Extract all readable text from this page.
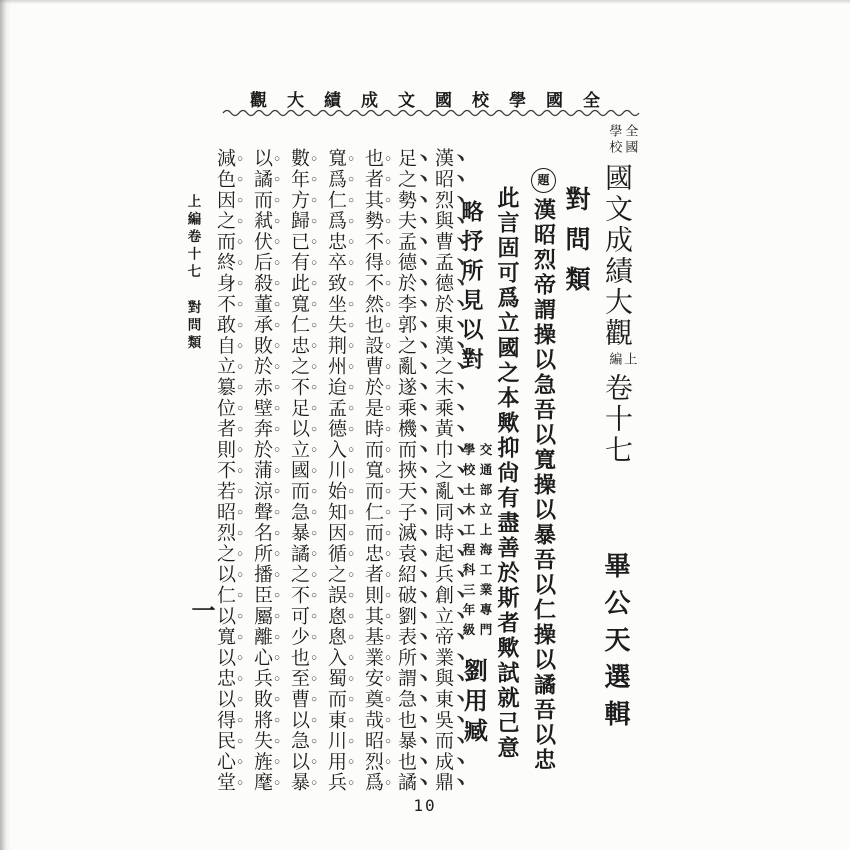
觀大績成文國校學國全
全國學校國文成績大觀上編卷十七
畢公天選輯
對問類
題漢昭烈帝謂操以急吾以寬操以暴吾以仁操以譎吾以忠
此言固可爲立國之本歟抑尙有盡善於斯者歟試就己意
略抒所見以對
交通部立上海工業專門學校土木工程科三年級劉用臧
漢昭烈與曹孟德於東漢之末乘黃巾之亂同時起兵創立帝業與東吳而成鼎
足之勢夫孟德於李郭之亂遂乘機而挾天子滅袁紹破劉表所謂急也暴也譎
也者其勢不得不然也設曹於是時而寬而仁而忠者則其基業安奠哉昭烈爲
寬爲仁爲忠卒致坐失荆州迨孟德入川始知因循之誤悤悤入蜀而東川用兵
數年方歸已有此寬仁忠之不足以立國而急暴譎之不可少也至曹以急以暴
以譎而弒伏后殺董承敗於赤壁奔於蒲涼聲名所播臣屬離心兵敗將失旌麾
減色因之而終身不敢自立簒位者則不若昭烈之以仁以寬以忠以得民心堂
上編卷十七對問類
一
10
